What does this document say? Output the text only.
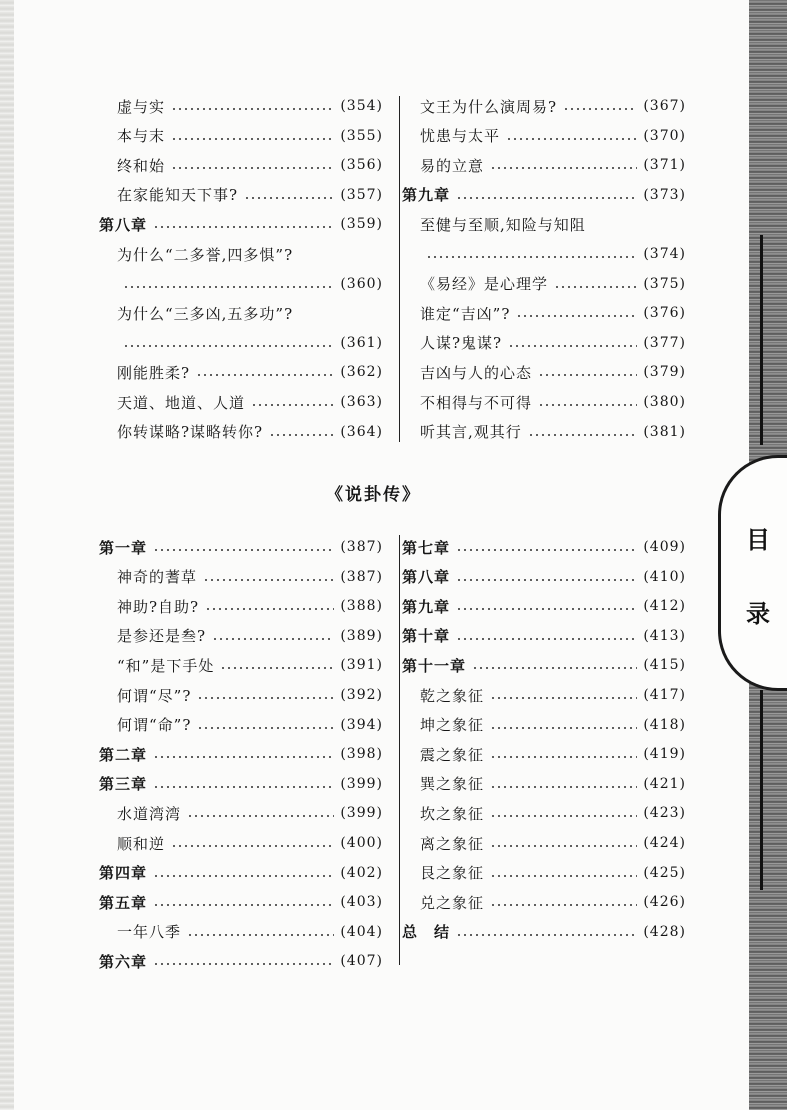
目
录
《说卦传》
虚与实	(354)
本与末	(355)
终和始	(356)
在家能知天下事?	(357)
第八章	(359)
为什么“二多誉,四多惧”?
(360)
为什么“三多凶,五多功”?
(361)
刚能胜柔?	(362)
天道、地道、人道	(363)
你转谋略?谋略转你?	(364)
文王为什么演周易?	(367)
忧患与太平	(370)
易的立意	(371)
第九章	(373)
至健与至顺,知险与知阻
(374)
《易经》是心理学	(375)
谁定“吉凶”?	(376)
人谋?鬼谋?	(377)
吉凶与人的心态	(379)
不相得与不可得	(380)
听其言,观其行	(381)
第一章	(387)
神奇的蓍草	(387)
神助?自助?	(388)
是参还是叁?	(389)
“和”是下手处	(391)
何谓“尽”?	(392)
何谓“命”?	(394)
第二章	(398)
第三章	(399)
水道湾湾	(399)
顺和逆	(400)
第四章	(402)
第五章	(403)
一年八季	(404)
第六章	(407)
第七章	(409)
第八章	(410)
第九章	(412)
第十章	(413)
第十一章	(415)
乾之象征	(417)
坤之象征	(418)
震之象征	(419)
巽之象征	(421)
坎之象征	(423)
离之象征	(424)
艮之象征	(425)
兑之象征	(426)
总　结	(428)
